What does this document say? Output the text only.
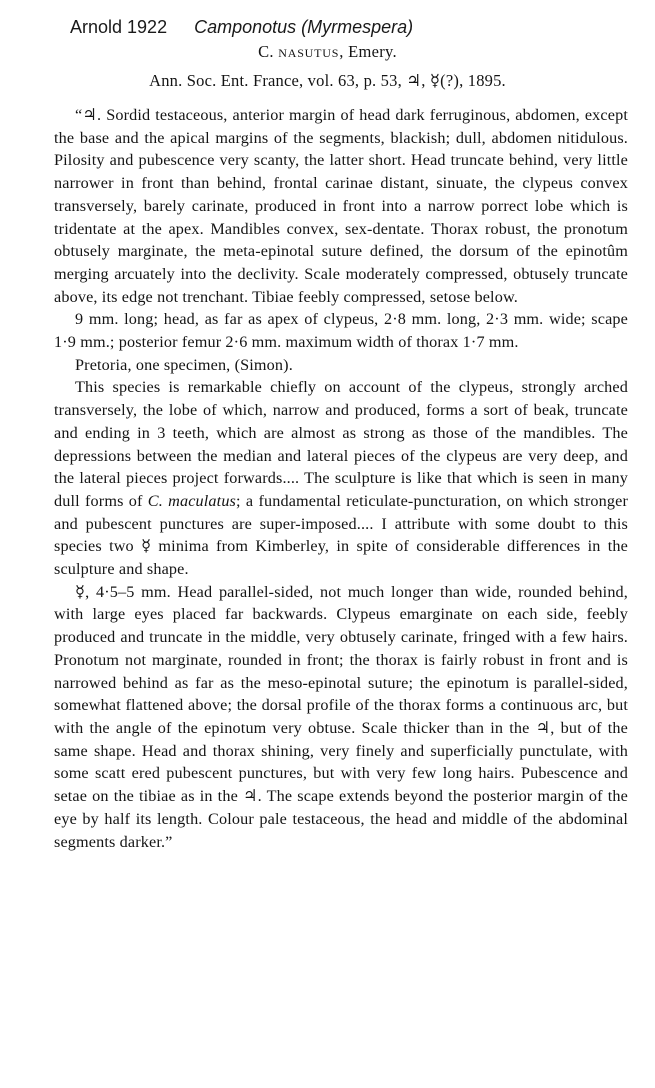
Arnold 1922 Camponotus (Myrmespera)
C. nasutus, Emery.
Ann. Soc. Ent. France, vol. 63, p. 53, ♃, ☿(?), 1895.

“♃. Sordid testaceous, anterior margin of head dark ferruginous, abdomen, except the base and the apical margins of the segments, blackish; dull, abdomen nitidulous. Pilosity and pubescence very scanty, the latter short. Head truncate behind, very little narrower in front than behind, frontal carinae distant, sinuate, the clypeus convex transversely, barely carinate, produced in front into a narrow porrect lobe which is tridentate at the apex. Mandibles convex, sex-dentate. Thorax robust, the pronotum obtusely marginate, the meta-epinotal suture defined, the dorsum of the epinotûm merging arcuately into the declivity. Scale moderately compressed, obtusely truncate above, its edge not trenchant. Tibiae feebly compressed, setose below.

9 mm. long; head, as far as apex of clypeus, 2·8 mm. long, 2·3 mm. wide; scape 1·9 mm.; posterior femur 2·6 mm. maximum width of thorax 1·7 mm.

Pretoria, one specimen, (Simon).

This species is remarkable chiefly on account of the clypeus, strongly arched transversely, the lobe of which, narrow and produced, forms a sort of beak, truncate and ending in 3 teeth, which are almost as strong as those of the mandibles. The depressions between the median and lateral pieces of the clypeus are very deep, and the lateral pieces project forwards.... The sculpture is like that which is seen in many dull forms of C. maculatus; a fundamental reticulate-puncturation, on which stronger and pubescent punctures are super-imposed.... I attribute with some doubt to this species two ☿ minima from Kimberley, in spite of considerable differences in the sculpture and shape.

☿, 4·5–5 mm. Head parallel-sided, not much longer than wide, rounded behind, with large eyes placed far backwards. Clypeus emarginate on each side, feebly produced and truncate in the middle, very obtusely carinate, fringed with a few hairs. Pronotum not marginate, rounded in front; the thorax is fairly robust in front and is narrowed behind as far as the meso-epinotal suture; the epinotum is parallel-sided, somewhat flattened above; the dorsal profile of the thorax forms a continuous arc, but with the angle of the epinotum very obtuse. Scale thicker than in the ♃, but of the same shape. Head and thorax shining, very finely and superficially punctulate, with some scatt ered pubescent punctures, but with very few long hairs. Pubescence and setae on the tibiae as in the ♃. The scape extends beyond the posterior margin of the eye by half its length. Colour pale testaceous, the head and middle of the abdominal segments darker.”
